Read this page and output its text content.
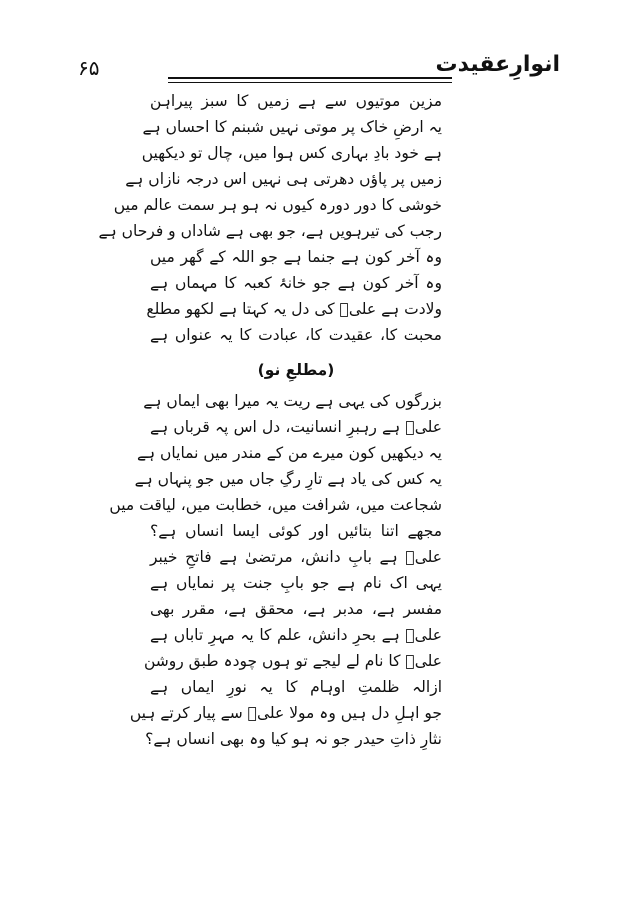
انوارِعقیدت
۶۵
مزین موتیوں سے ہے زمیں کا سبز پیراہن
یہ ارضِ خاک پر موتی نہیں شبنم کا احساں ہے
ہے خود بادِ بہاری کس ہوا میں، چال تو دیکھیں
زمیں پر پاؤں دھرتی ہی نہیں اس درجہ نازاں ہے
خوشی کا دور دورہ کیوں نہ ہو ہر سمت عالم میں
رجب کی تیرہویں ہے، جو بھی ہے شاداں و فرحاں ہے
وہ آخر کون ہے جنما ہے جو اللہ کے گھر میں
وہ آخر کون ہے جو خانۂ کعبہ کا مہماں ہے
ولادت ہے علیؑ کی دل یہ کہتا ہے لکھو مطلع
محبت کا، عقیدت کا، عبادت کا یہ عنواں ہے
(مطلعِ نو)
بزرگوں کی یہی ہے ریت یہ میرا بھی ایماں ہے
علیؑ ہے رہبرِ انسانیت، دل اس پہ قرباں ہے
یہ دیکھیں کون میرے من کے مندر میں نمایاں ہے
یہ کس کی یاد ہے تارِ رگِ جاں میں جو پنہاں ہے
شجاعت میں، شرافت میں، خطابت میں، لیاقت میں
مجھے اتنا بتائیں اور کوئی ایسا انساں ہے؟
علیؑ ہے بابِ دانش، مرتضیٰ ہے فاتحِ خیبر
یہی اک نام ہے جو بابِ جنت پر نمایاں ہے
مفسر ہے، مدبر ہے، محقق ہے، مقرر بھی
علیؑ ہے بحرِ دانش، علم کا یہ مہرِ تاباں ہے
علیؑ کا نام لے لیجے تو ہوں چودہ طبق روشن
ازالہ ظلمتِ اوہام کا یہ نورِ ایماں ہے
جو اہلِ دل ہیں وہ مولا علیؑ سے پیار کرتے ہیں
نثارِ ذاتِ حیدر جو نہ ہو کیا وہ بھی انساں ہے؟
